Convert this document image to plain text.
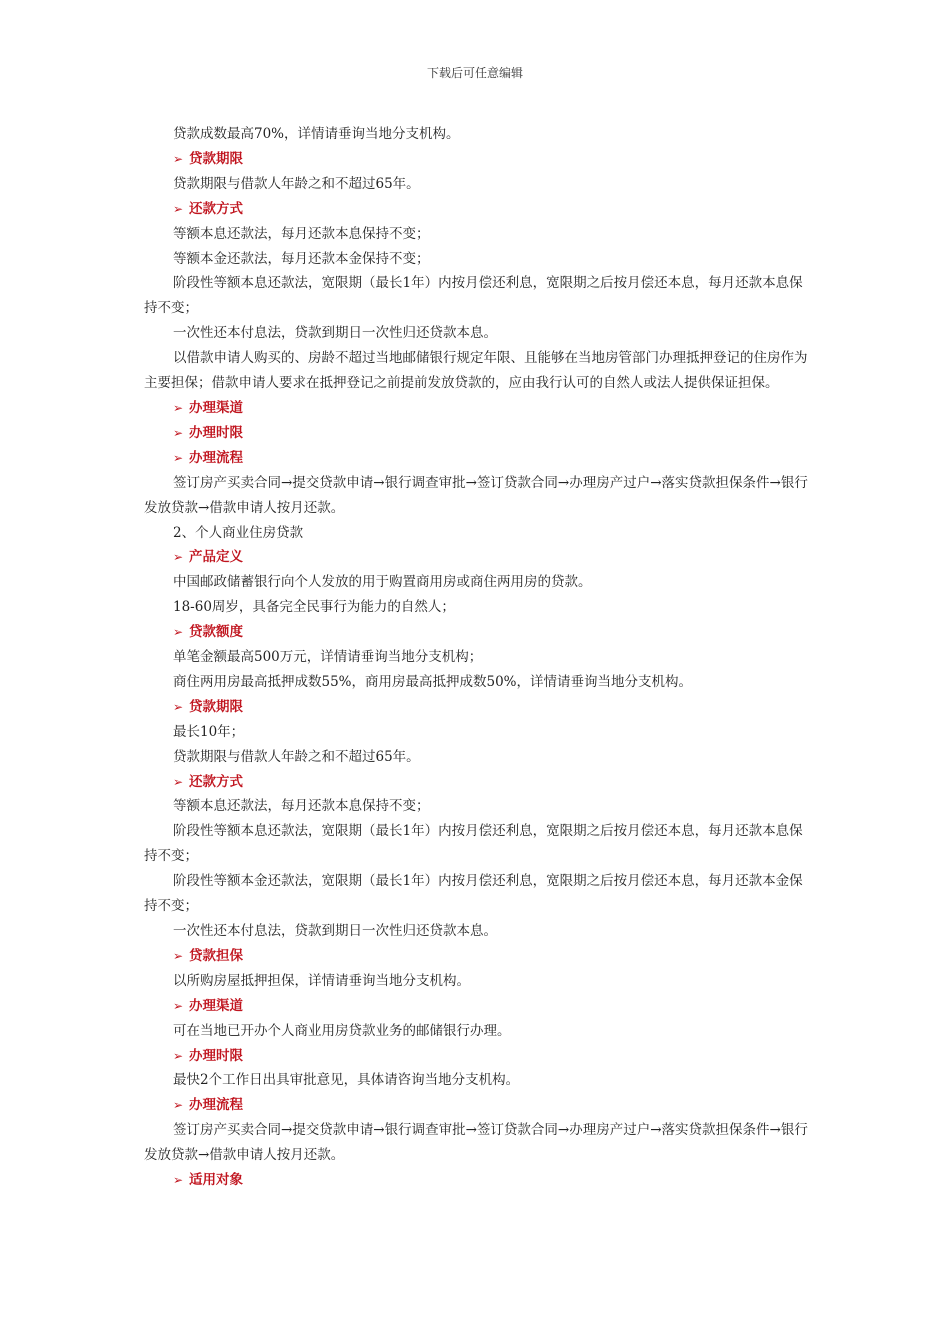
下载后可任意编辑

贷款成数最高70%，详情请垂询当地分支机构。

➢ 贷款期限

贷款期限与借款人年龄之和不超过65年。

➢ 还款方式

等额本息还款法，每月还款本息保持不变；

等额本金还款法，每月还款本金保持不变；

阶段性等额本息还款法，宽限期（最长1年）内按月偿还利息，宽限期之后按月偿还本息，每月还款本息保持不变；

一次性还本付息法，贷款到期日一次性归还贷款本息。

以借款申请人购买的、房龄不超过当地邮储银行规定年限、且能够在当地房管部门办理抵押登记的住房作为主要担保；借款申请人要求在抵押登记之前提前发放贷款的，应由我行认可的自然人或法人提供保证担保。

➢ 办理渠道

➢ 办理时限

➢ 办理流程

签订房产买卖合同→提交贷款申请→银行调查审批→签订贷款合同→办理房产过户→落实贷款担保条件→银行发放贷款→借款申请人按月还款。

2、个人商业住房贷款

➢ 产品定义

中国邮政储蓄银行向个人发放的用于购置商用房或商住两用房的贷款。

18-60周岁，具备完全民事行为能力的自然人；

➢ 贷款额度

单笔金额最高500万元，详情请垂询当地分支机构；

商住两用房最高抵押成数55%，商用房最高抵押成数50%，详情请垂询当地分支机构。

➢ 贷款期限

最长10年；

贷款期限与借款人年龄之和不超过65年。

➢ 还款方式

等额本息还款法，每月还款本息保持不变；

阶段性等额本息还款法，宽限期（最长1年）内按月偿还利息，宽限期之后按月偿还本息，每月还款本息保持不变；

阶段性等额本金还款法，宽限期（最长1年）内按月偿还利息，宽限期之后按月偿还本息，每月还款本金保持不变；

一次性还本付息法，贷款到期日一次性归还贷款本息。

➢ 贷款担保

以所购房屋抵押担保，详情请垂询当地分支机构。

➢ 办理渠道

可在当地已开办个人商业用房贷款业务的邮储银行办理。

➢ 办理时限

最快2个工作日出具审批意见，具体请咨询当地分支机构。

➢ 办理流程

签订房产买卖合同→提交贷款申请→银行调查审批→签订贷款合同→办理房产过户→落实贷款担保条件→银行发放贷款→借款申请人按月还款。

➢ 适用对象
